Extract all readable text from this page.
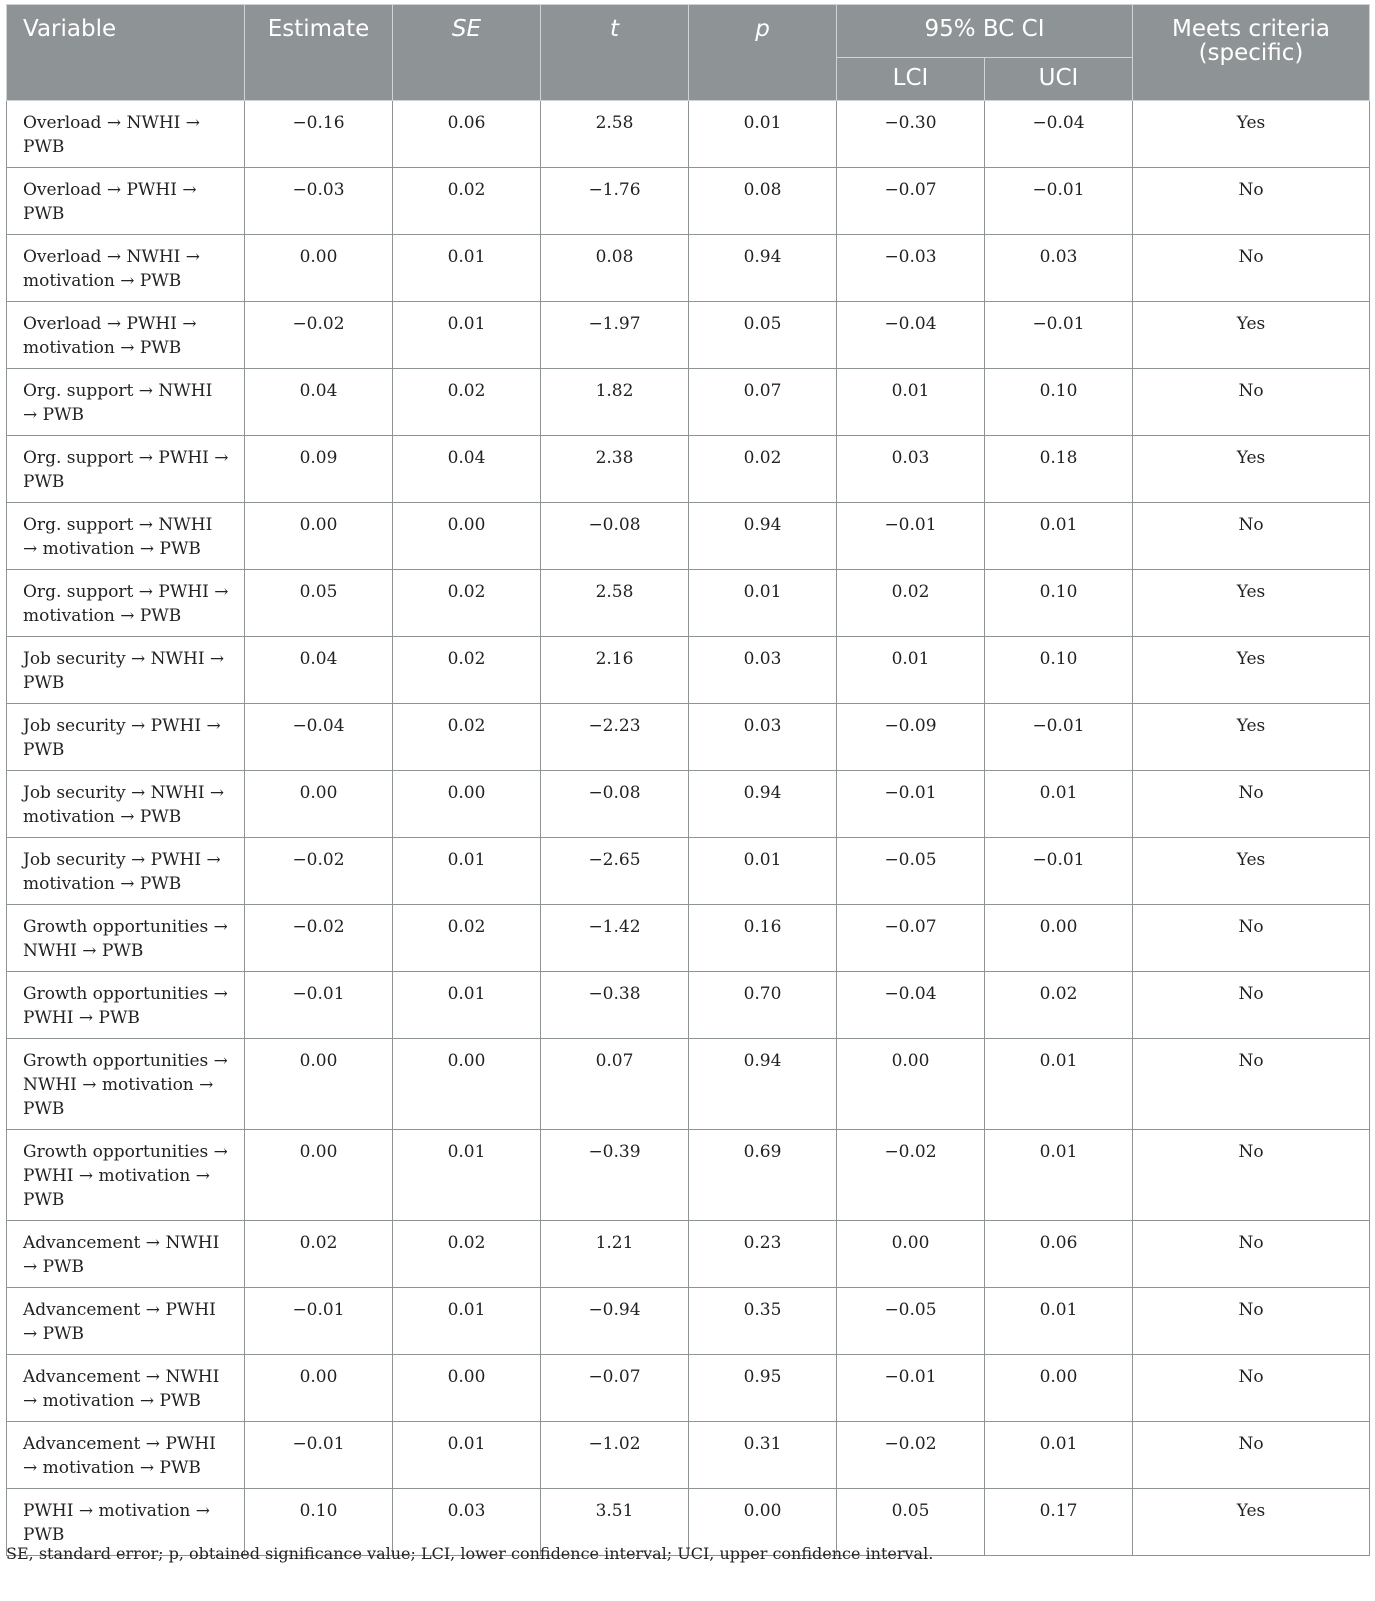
Variable	Estimate	SE	t	p	95% BC CI		Meets criteria
(specific)
					LCI	UCI	
Overload → NWHI → PWB	−0.16	0.06	2.58	0.01	−0.30	−0.04	Yes
Overload → PWHI → PWB	−0.03	0.02	−1.76	0.08	−0.07	−0.01	No
Overload → NWHI → motivation → PWB	0.00	0.01	0.08	0.94	−0.03	0.03	No
Overload → PWHI → motivation → PWB	−0.02	0.01	−1.97	0.05	−0.04	−0.01	Yes
Org. support → NWHI → PWB	0.04	0.02	1.82	0.07	0.01	0.10	No
Org. support → PWHI → PWB	0.09	0.04	2.38	0.02	0.03	0.18	Yes
Org. support → NWHI → motivation → PWB	0.00	0.00	−0.08	0.94	−0.01	0.01	No
Org. support → PWHI → motivation → PWB	0.05	0.02	2.58	0.01	0.02	0.10	Yes
Job security → NWHI → PWB	0.04	0.02	2.16	0.03	0.01	0.10	Yes
Job security → PWHI → PWB	−0.04	0.02	−2.23	0.03	−0.09	−0.01	Yes
Job security → NWHI → motivation → PWB	0.00	0.00	−0.08	0.94	−0.01	0.01	No
Job security → PWHI → motivation → PWB	−0.02	0.01	−2.65	0.01	−0.05	−0.01	Yes
Growth opportunities → NWHI → PWB	−0.02	0.02	−1.42	0.16	−0.07	0.00	No
Growth opportunities → PWHI → PWB	−0.01	0.01	−0.38	0.70	−0.04	0.02	No
Growth opportunities → NWHI → motivation → PWB	0.00	0.00	0.07	0.94	0.00	0.01	No
Growth opportunities → PWHI → motivation → PWB	0.00	0.01	−0.39	0.69	−0.02	0.01	No
Advancement → NWHI → PWB	0.02	0.02	1.21	0.23	0.00	0.06	No
Advancement → PWHI → PWB	−0.01	0.01	−0.94	0.35	−0.05	0.01	No
Advancement → NWHI → motivation → PWB	0.00	0.00	−0.07	0.95	−0.01	0.00	No
Advancement → PWHI → motivation → PWB	−0.01	0.01	−1.02	0.31	−0.02	0.01	No
PWHI → motivation → PWB	0.10	0.03	3.51	0.00	0.05	0.17	Yes
SE, standard error; p, obtained significance value; LCI, lower confidence interval; UCI, upper confidence interval.
